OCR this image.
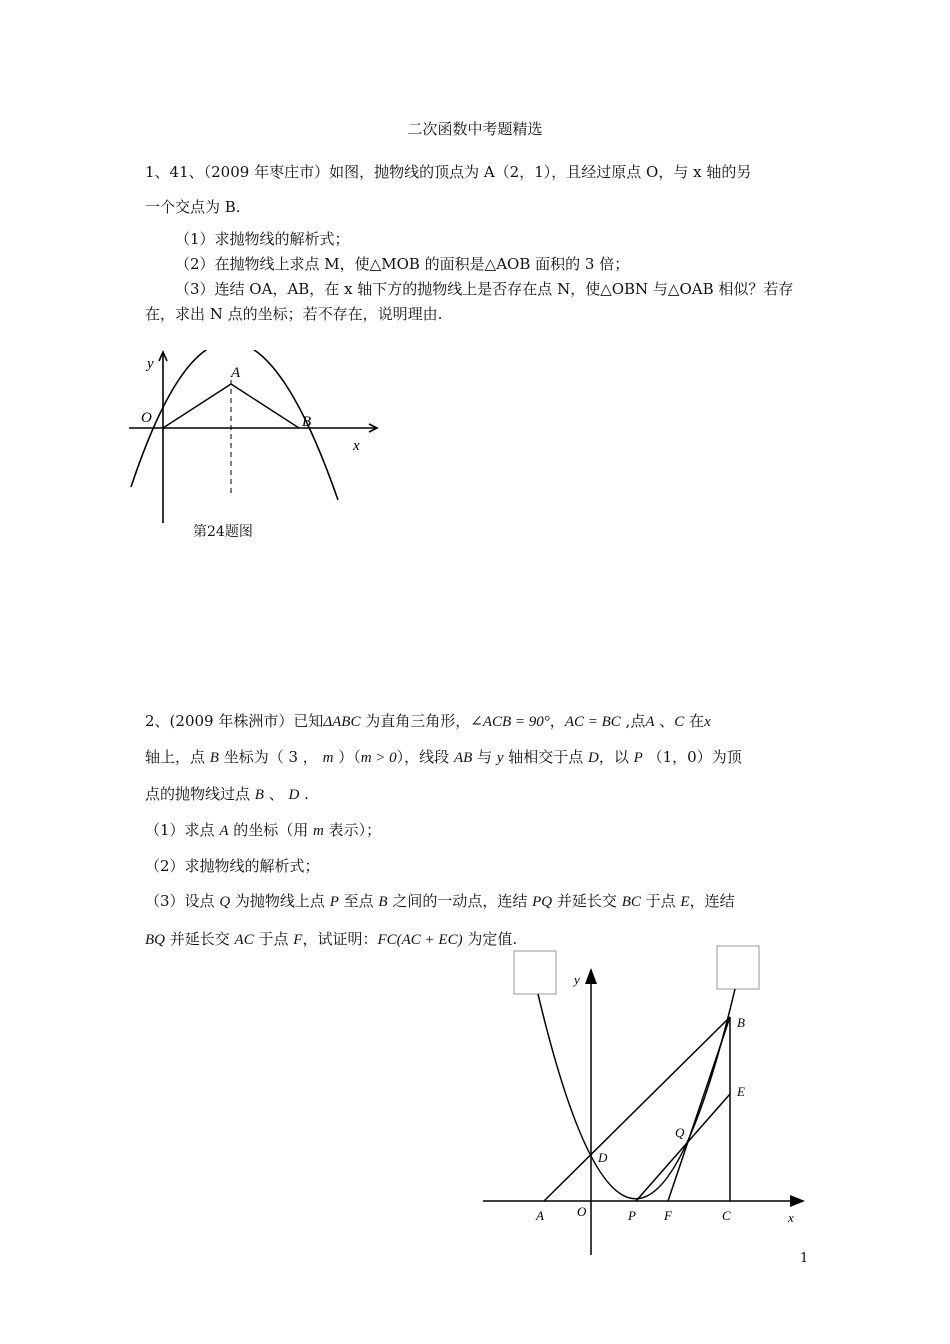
二次函数中考题精选
1、41、（2009 年枣庄市）如图，抛物线的顶点为 A（2，1），且经过原点 O，与 x 轴的另
一个交点为 B.
（1）求抛物线的解析式；
（2）在抛物线上求点 M，使△MOB 的面积是△AOB 面积的 3 倍；
（3）连结 OA，AB，在 x 轴下方的抛物线上是否存在点 N，使△OBN 与△OAB 相似？若存
在，求出 N 点的坐标；若不存在，说明理由.
y
x
O
A
B
第24题图
2、(2009 年株洲市）已知ΔABC 为直角三角形，∠ACB = 90°，AC = BC ,点A 、C 在x
轴上，点 B 坐标为（ 3 ， m ）（m > 0），线段 AB 与 y 轴相交于点 D，以 P （1，0）为顶
点的抛物线过点 B 、 D .
（1）求点 A 的坐标（用 m 表示）；
（2）求抛物线的解析式；
（3）设点 Q 为抛物线上点 P 至点 B 之间的一动点，连结 PQ 并延长交 BC 于点 E，连结
BQ 并延长交 AC 于点 F，试证明：FC(AC + EC) 为定值.
y
x
A	O	P F	C
D
Q
E
B
1
